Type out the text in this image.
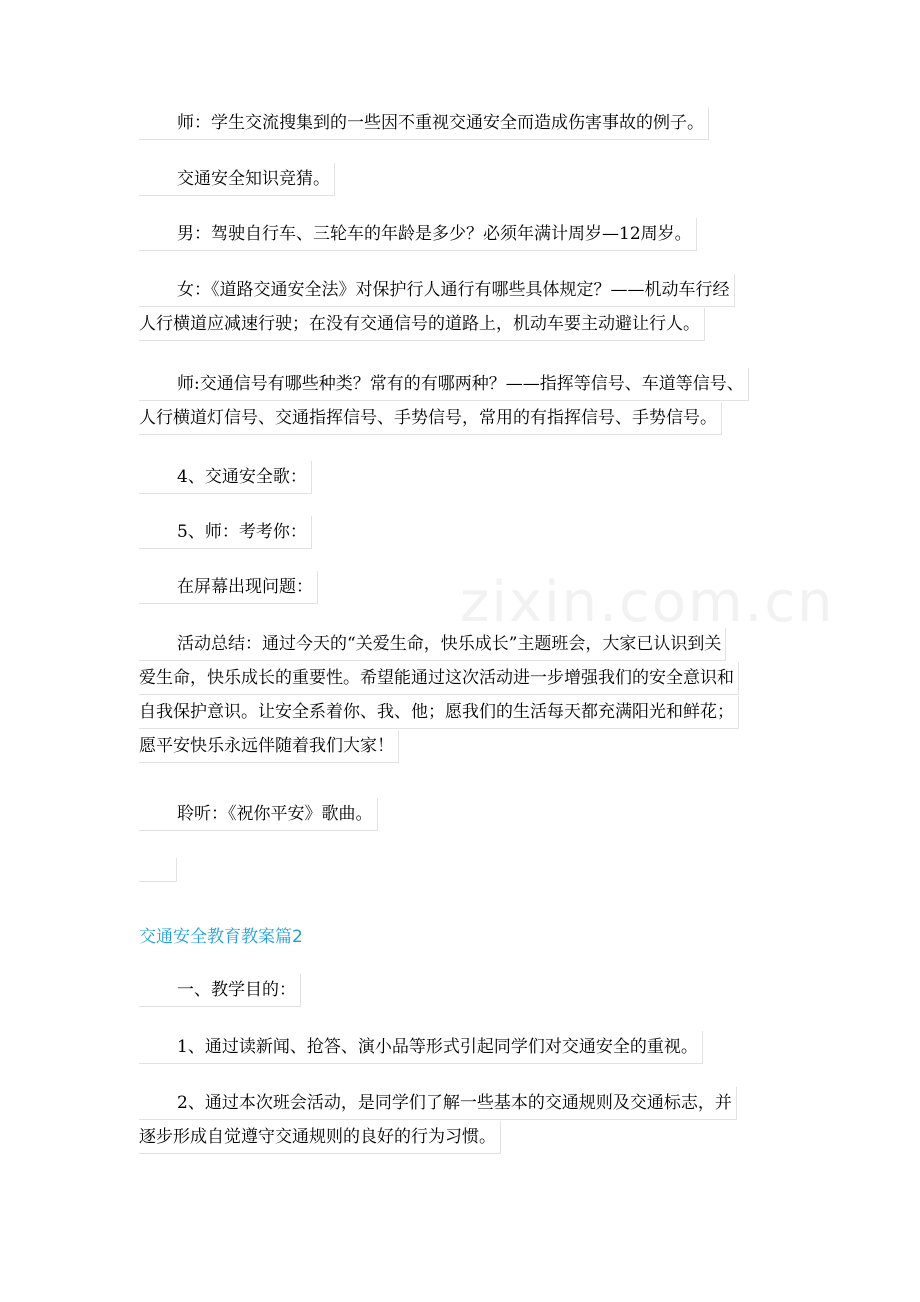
zixin.com.cn
师：学生交流搜集到的一些因不重视交通安全而造成伤害事故的例子。
交通安全知识竞猜。
男：驾驶自行车、三轮车的年龄是多少？必须年满计周岁—12周岁。
女：《道路交通安全法》对保护行人通行有哪些具体规定？——机动车行经
人行横道应减速行驶；在没有交通信号的道路上，机动车要主动避让行人。
师:交通信号有哪些种类？常有的有哪两种？——指挥等信号、车道等信号、
人行横道灯信号、交通指挥信号、手势信号，常用的有指挥信号、手势信号。
4、交通安全歌：
5、师：考考你：
在屏幕出现问题：
活动总结：通过今天的“关爱生命，快乐成长”主题班会，大家已认识到关
爱生命，快乐成长的重要性。希望能通过这次活动进一步增强我们的安全意识和
自我保护意识。让安全系着你、我、他；愿我们的生活每天都充满阳光和鲜花；
愿平安快乐永远伴随着我们大家！
聆听：《祝你平安》歌曲。
交通安全教育教案篇2
一、教学目的：
1、通过读新闻、抢答、演小品等形式引起同学们对交通安全的重视。
2、通过本次班会活动，是同学们了解一些基本的交通规则及交通标志，并
逐步形成自觉遵守交通规则的良好的行为习惯。
